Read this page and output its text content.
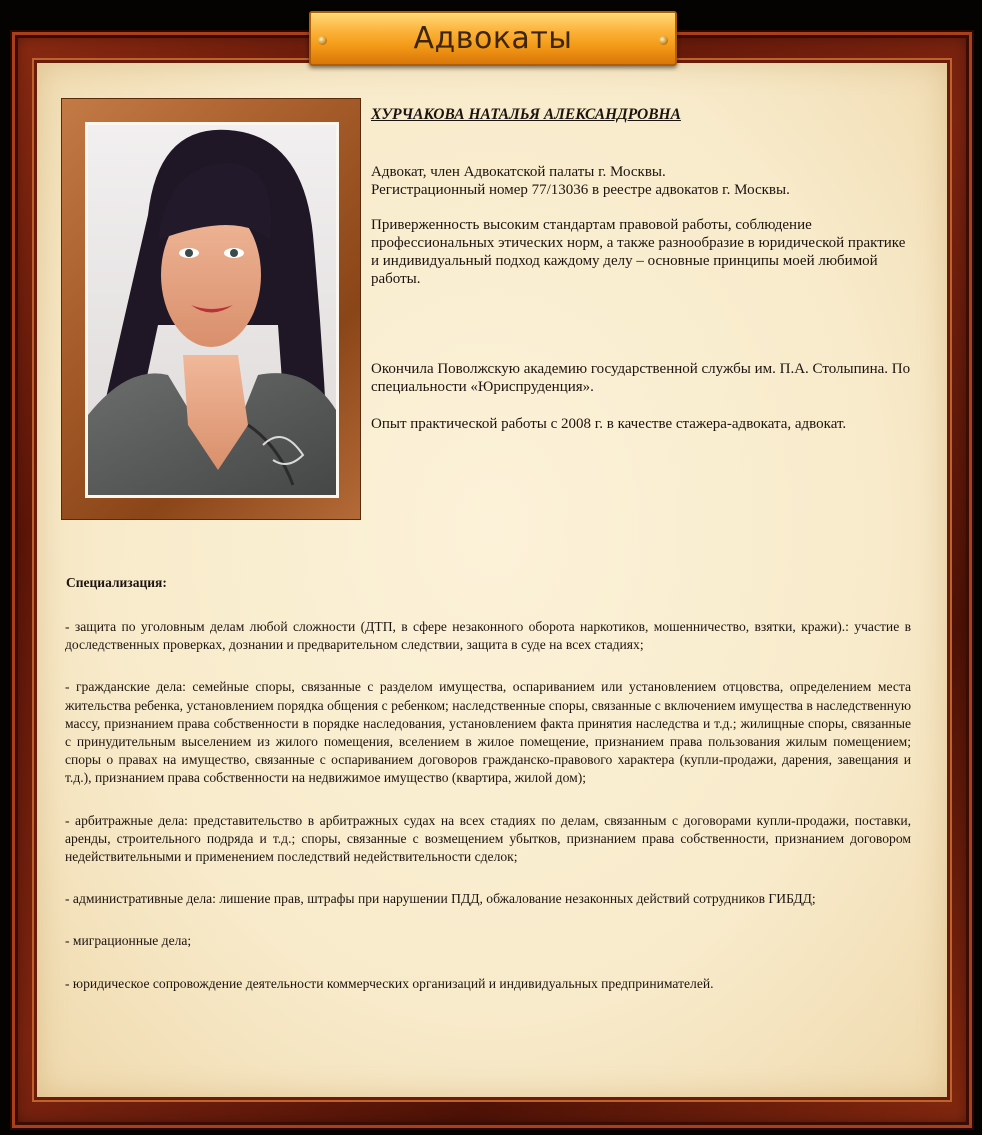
Адвокаты
ХУРЧАКОВА НАТАЛЬЯ АЛЕКСАНДРОВНА

Адвокат, член Адвокатской палаты г. Москвы.

Регистрационный номер 77/13036 в реестре адвокатов г. Москвы.

Приверженность высоким стандартам правовой работы, соблюдение профессиональных этических норм, а также разнообразие в юридической практике и индивидуальный подход каждому делу – основные принципы моей любимой работы.

Окончила Поволжскую академию государственной службы им. П.А. Столыпина. По специальности «Юриспруденция».

Опыт практической работы с 2008 г. в качестве стажера-адвоката, адвокат.

Специализация:

- защита по уголовным делам любой сложности (ДТП, в сфере незаконного оборота наркотиков, мошенничество, взятки, кражи).: участие в доследственных проверках, дознании и предварительном следствии, защита в суде на всех стадиях;

- гражданские дела: семейные споры, связанные с разделом имущества, оспариванием или установлением отцовства, определением места жительства ребенка, установлением порядка общения с ребенком; наследственные споры, связанные с включением имущества в наследственную массу, признанием права собственности в порядке наследования, установлением факта принятия наследства и т.д.; жилищные споры, связанные с принудительным выселением из жилого помещения, вселением в жилое помещение, признанием права пользования жилым помещением; споры о правах на имущество, связанные с оспариванием договоров гражданско-правового характера (купли-продажи, дарения, завещания и т.д.), признанием права собственности на недвижимое имущество (квартира, жилой дом);

- арбитражные дела: представительство в арбитражных судах на всех стадиях по делам, связанным с договорами купли-продажи, поставки, аренды, строительного подряда и т.д.; споры, связанные с возмещением убытков, признанием права собственности, признанием договором недействительными и применением последствий недействительности сделок;

- административные дела: лишение прав, штрафы при нарушении ПДД, обжалование незаконных действий сотрудников ГИБДД;

- миграционные дела;

- юридическое сопровождение деятельности коммерческих организаций и индивидуальных предпринимателей.
